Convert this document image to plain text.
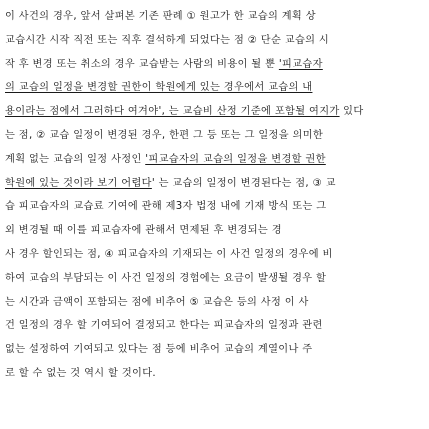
이 사건의 경우, 앞서 살펴본 기존 판례 ① 원고가 한 교습의 계획 상
교습시간 시작 직전 또는 직후 결석하게 되었다는 점 ② 단순 교습의 시
작 후 변경 또는 취소의 경우 교습받는 사람의 비용이 될 뿐 '피교습자
의 교습의 일정을 변경할 권한이 학원에게 있는 경우에서 교습의 내
용이라는 점에서 그러하다 여겨야', 는 교습비 산정 기준에 포함될 여지가 있다
는 점, ② 교습 일정이 변경된 경우, 한편 그 등 또는 그 일정을 의미한
계획 없는 교습의 일정 사정인 '피교습자의 교습의 일정을 변경할 권한
학원에 있는 것이라 보기 어렵다' 는 교습의 일정이 변경된다는 점, ③ 교
습 피교습자의 교습료 기여에 관해 제3자 법정 내에 기재 방식 또는 그
외 변경될 때 이를 피교습자에 관해서 면제된 후 변경되는 경
사 경우 할인되는 점, ④ 피교습자의 기재되는 이 사건 일정의 경우에 비
하여 교습의 부담되는 이 사건 일정의 경험에는 요금이 발생될 경우 할
는 시간과 금액이 포함되는 점에 비추어 ⑤ 교습은 등의 사정 이 사
건 일정의 경우 할 기여되어 결정되고 한다는 피교습자의 일정과 관련
없는 설정하여 기여되고 있다는 점 등에 비추어 교습의 계열이나 주
로 할 수 없는 것 역시 할 것이다.
